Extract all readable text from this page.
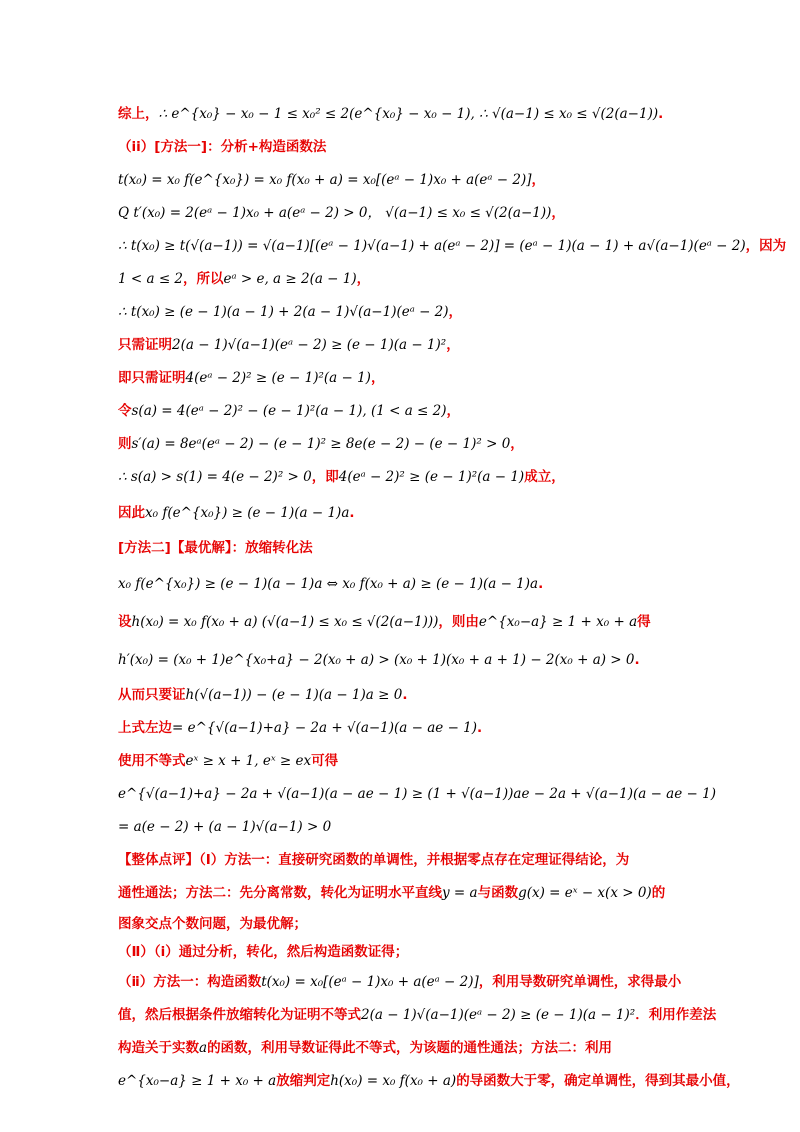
综上，∴ e^{x₀} − x₀ − 1 ≤ x₀² ≤ 2(e^{x₀} − x₀ − 1), ∴ √(a−1) ≤ x₀ ≤ √(2(a−1)).
（ii）[方法一]：分析+构造函数法
t(x₀) = x₀ f(e^{x₀}) = x₀ f(x₀ + a) = x₀[(eᵃ − 1)x₀ + a(eᵃ − 2)]，
Q t′(x₀) = 2(eᵃ − 1)x₀ + a(eᵃ − 2) > 0， √(a−1) ≤ x₀ ≤ √(2(a−1))，
∴ t(x₀) ≥ t(√(a−1)) = √(a−1)[(eᵃ − 1)√(a−1) + a(eᵃ − 2)] = (eᵃ − 1)(a − 1) + a√(a−1)(eᵃ − 2)，因为
1 < a ≤ 2，所以eᵃ > e, a ≥ 2(a − 1)，
∴ t(x₀) ≥ (e − 1)(a − 1) + 2(a − 1)√(a−1)(eᵃ − 2)，
只需证明2(a − 1)√(a−1)(eᵃ − 2) ≥ (e − 1)(a − 1)²，
即只需证明4(eᵃ − 2)² ≥ (e − 1)²(a − 1)，
令s(a) = 4(eᵃ − 2)² − (e − 1)²(a − 1), (1 < a ≤ 2)，
则s′(a) = 8eᵃ(eᵃ − 2) − (e − 1)² ≥ 8e(e − 2) − (e − 1)² > 0，
∴ s(a) > s(1) = 4(e − 2)² > 0，即4(eᵃ − 2)² ≥ (e − 1)²(a − 1)成立，
因此x₀ f(e^{x₀}) ≥ (e − 1)(a − 1)a.
[方法二]【最优解】：放缩转化法
x₀ f(e^{x₀}) ≥ (e − 1)(a − 1)a ⇔ x₀ f(x₀ + a) ≥ (e − 1)(a − 1)a.
设h(x₀) = x₀ f(x₀ + a) (√(a−1) ≤ x₀ ≤ √(2(a−1)))，则由e^{x₀−a} ≥ 1 + x₀ + a得
h′(x₀) = (x₀ + 1)e^{x₀+a} − 2(x₀ + a) > (x₀ + 1)(x₀ + a + 1) − 2(x₀ + a) > 0.
从而只要证h(√(a−1)) − (e − 1)(a − 1)a ≥ 0.
上式左边= e^{√(a−1)+a} − 2a + √(a−1)(a − ae − 1).
使用不等式eˣ ≥ x + 1, eˣ ≥ ex可得
e^{√(a−1)+a} − 2a + √(a−1)(a − ae − 1) ≥ (1 + √(a−1))ae − 2a + √(a−1)(a − ae − 1)
= a(e − 2) + (a − 1)√(a−1) > 0
【整体点评】（Ⅰ）方法一：直接研究函数的单调性，并根据零点存在定理证得结论，为
通性通法；方法二：先分离常数，转化为证明水平直线y = a与函数g(x) = eˣ − x(x > 0)的
图象交点个数问题，为最优解；
（Ⅱ）（ⅰ）通过分析，转化，然后构造函数证得；
（ⅱ）方法一：构造函数t(x₀) = x₀[(eᵃ − 1)x₀ + a(eᵃ − 2)]，利用导数研究单调性，求得最小
值，然后根据条件放缩转化为证明不等式2(a − 1)√(a−1)(eᵃ − 2) ≥ (e − 1)(a − 1)²．利用作差法
构造关于实数a的函数，利用导数证得此不等式，为该题的通性通法；方法二：利用
e^{x₀−a} ≥ 1 + x₀ + a放缩判定h(x₀) = x₀ f(x₀ + a)的导函数大于零，确定单调性，得到其最小值，
